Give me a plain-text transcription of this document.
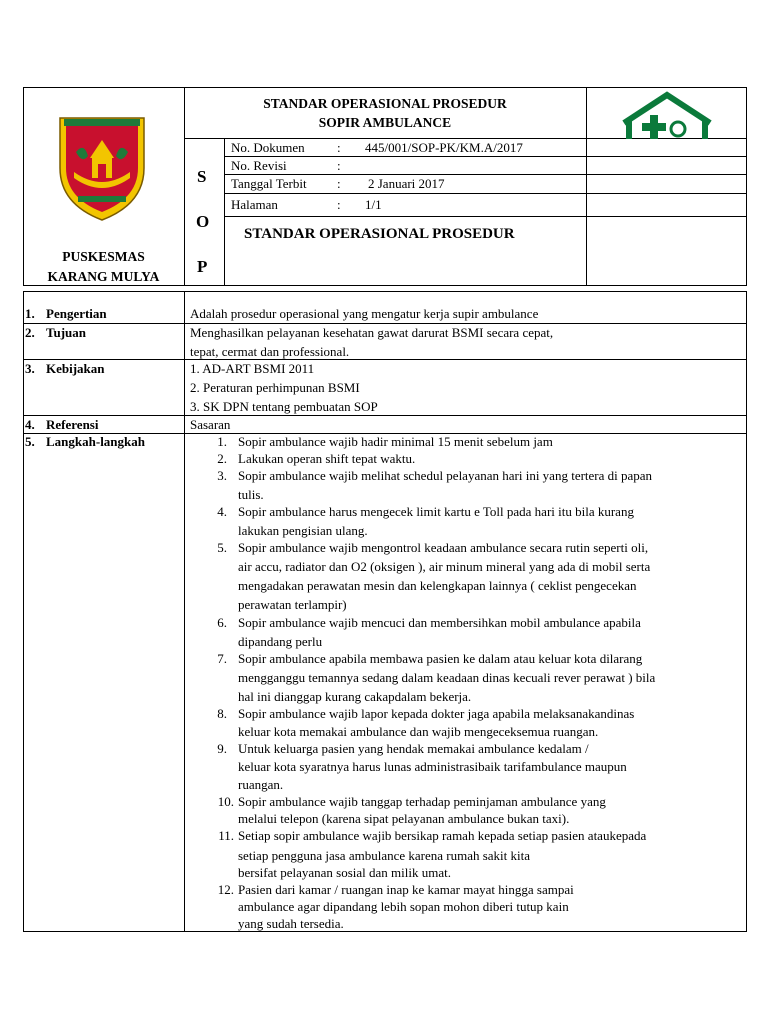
PUSKESMAS
KARANG MULYA
STANDAR OPERASIONAL PROSEDUR
SOPIR AMBULANCE
S
O
P
No. Dokumen : 445/001/SOP-PK/KM.A/2017
No. Revisi	:
Tanggal Terbit : 2 Januari 2017
Halaman	: 1/1
STANDAR OPERASIONAL PROSEDUR
1. Pengertian	Adalah prosedur operasional yang mengatur kerja supir ambulance
2. Tujuan	Menghasilkan pelayanan kesehatan gawat darurat BSMI secara cepat,
tepat, cermat dan professional.
3. Kebijakan	1. AD-ART BSMI 2011
2. Peraturan perhimpunan BSMI
3. SK DPN tentang pembuatan SOP
4. Referensi	Sasaran
5. Langkah-langkah	1. Sopir ambulance wajib hadir minimal 15 menit sebelum jam
2. Lakukan operan shift tepat waktu.
3. Sopir ambulance wajib melihat schedul pelayanan hari ini yang tertera di papan
tulis.
4. Sopir ambulance harus mengecek limit kartu e Toll pada hari itu bila kurang
lakukan pengisian ulang.
5. Sopir ambulance wajib mengontrol keadaan ambulance secara rutin seperti oli,
air accu, radiator dan O2 (oksigen ), air minum mineral yang ada di mobil serta
mengadakan perawatan mesin dan kelengkapan lainnya ( ceklist pengecekan
perawatan terlampir)
6. Sopir ambulance wajib mencuci dan membersihkan mobil ambulance apabila
dipandang perlu
7. Sopir ambulance apabila membawa pasien ke dalam atau keluar kota dilarang
mengganggu temannya sedang dalam keadaan dinas kecuali rever perawat ) bila
hal ini dianggap kurang cakapdalam bekerja.
8. Sopir ambulance wajib lapor kepada dokter jaga apabila melaksanakandinas
keluar kota memakai ambulance dan wajib mengeceksemua ruangan.
9. Untuk keluarga pasien yang hendak memakai ambulance kedalam /
keluar kota syaratnya harus lunas administrasibaik tarifambulance maupun
ruangan.
10. Sopir ambulance wajib tanggap terhadap peminjaman ambulance yang
melalui telepon (karena sipat pelayanan ambulance bukan taxi).
11. Setiap sopir ambulance wajib bersikap ramah kepada setiap pasien ataukepada
setiap pengguna jasa ambulance karena rumah sakit kita
bersifat pelayanan sosial dan milik umat.
12. Pasien dari kamar / ruangan inap ke kamar mayat hingga sampai
ambulance agar dipandang lebih sopan mohon diberi tutup kain
yang sudah tersedia.
